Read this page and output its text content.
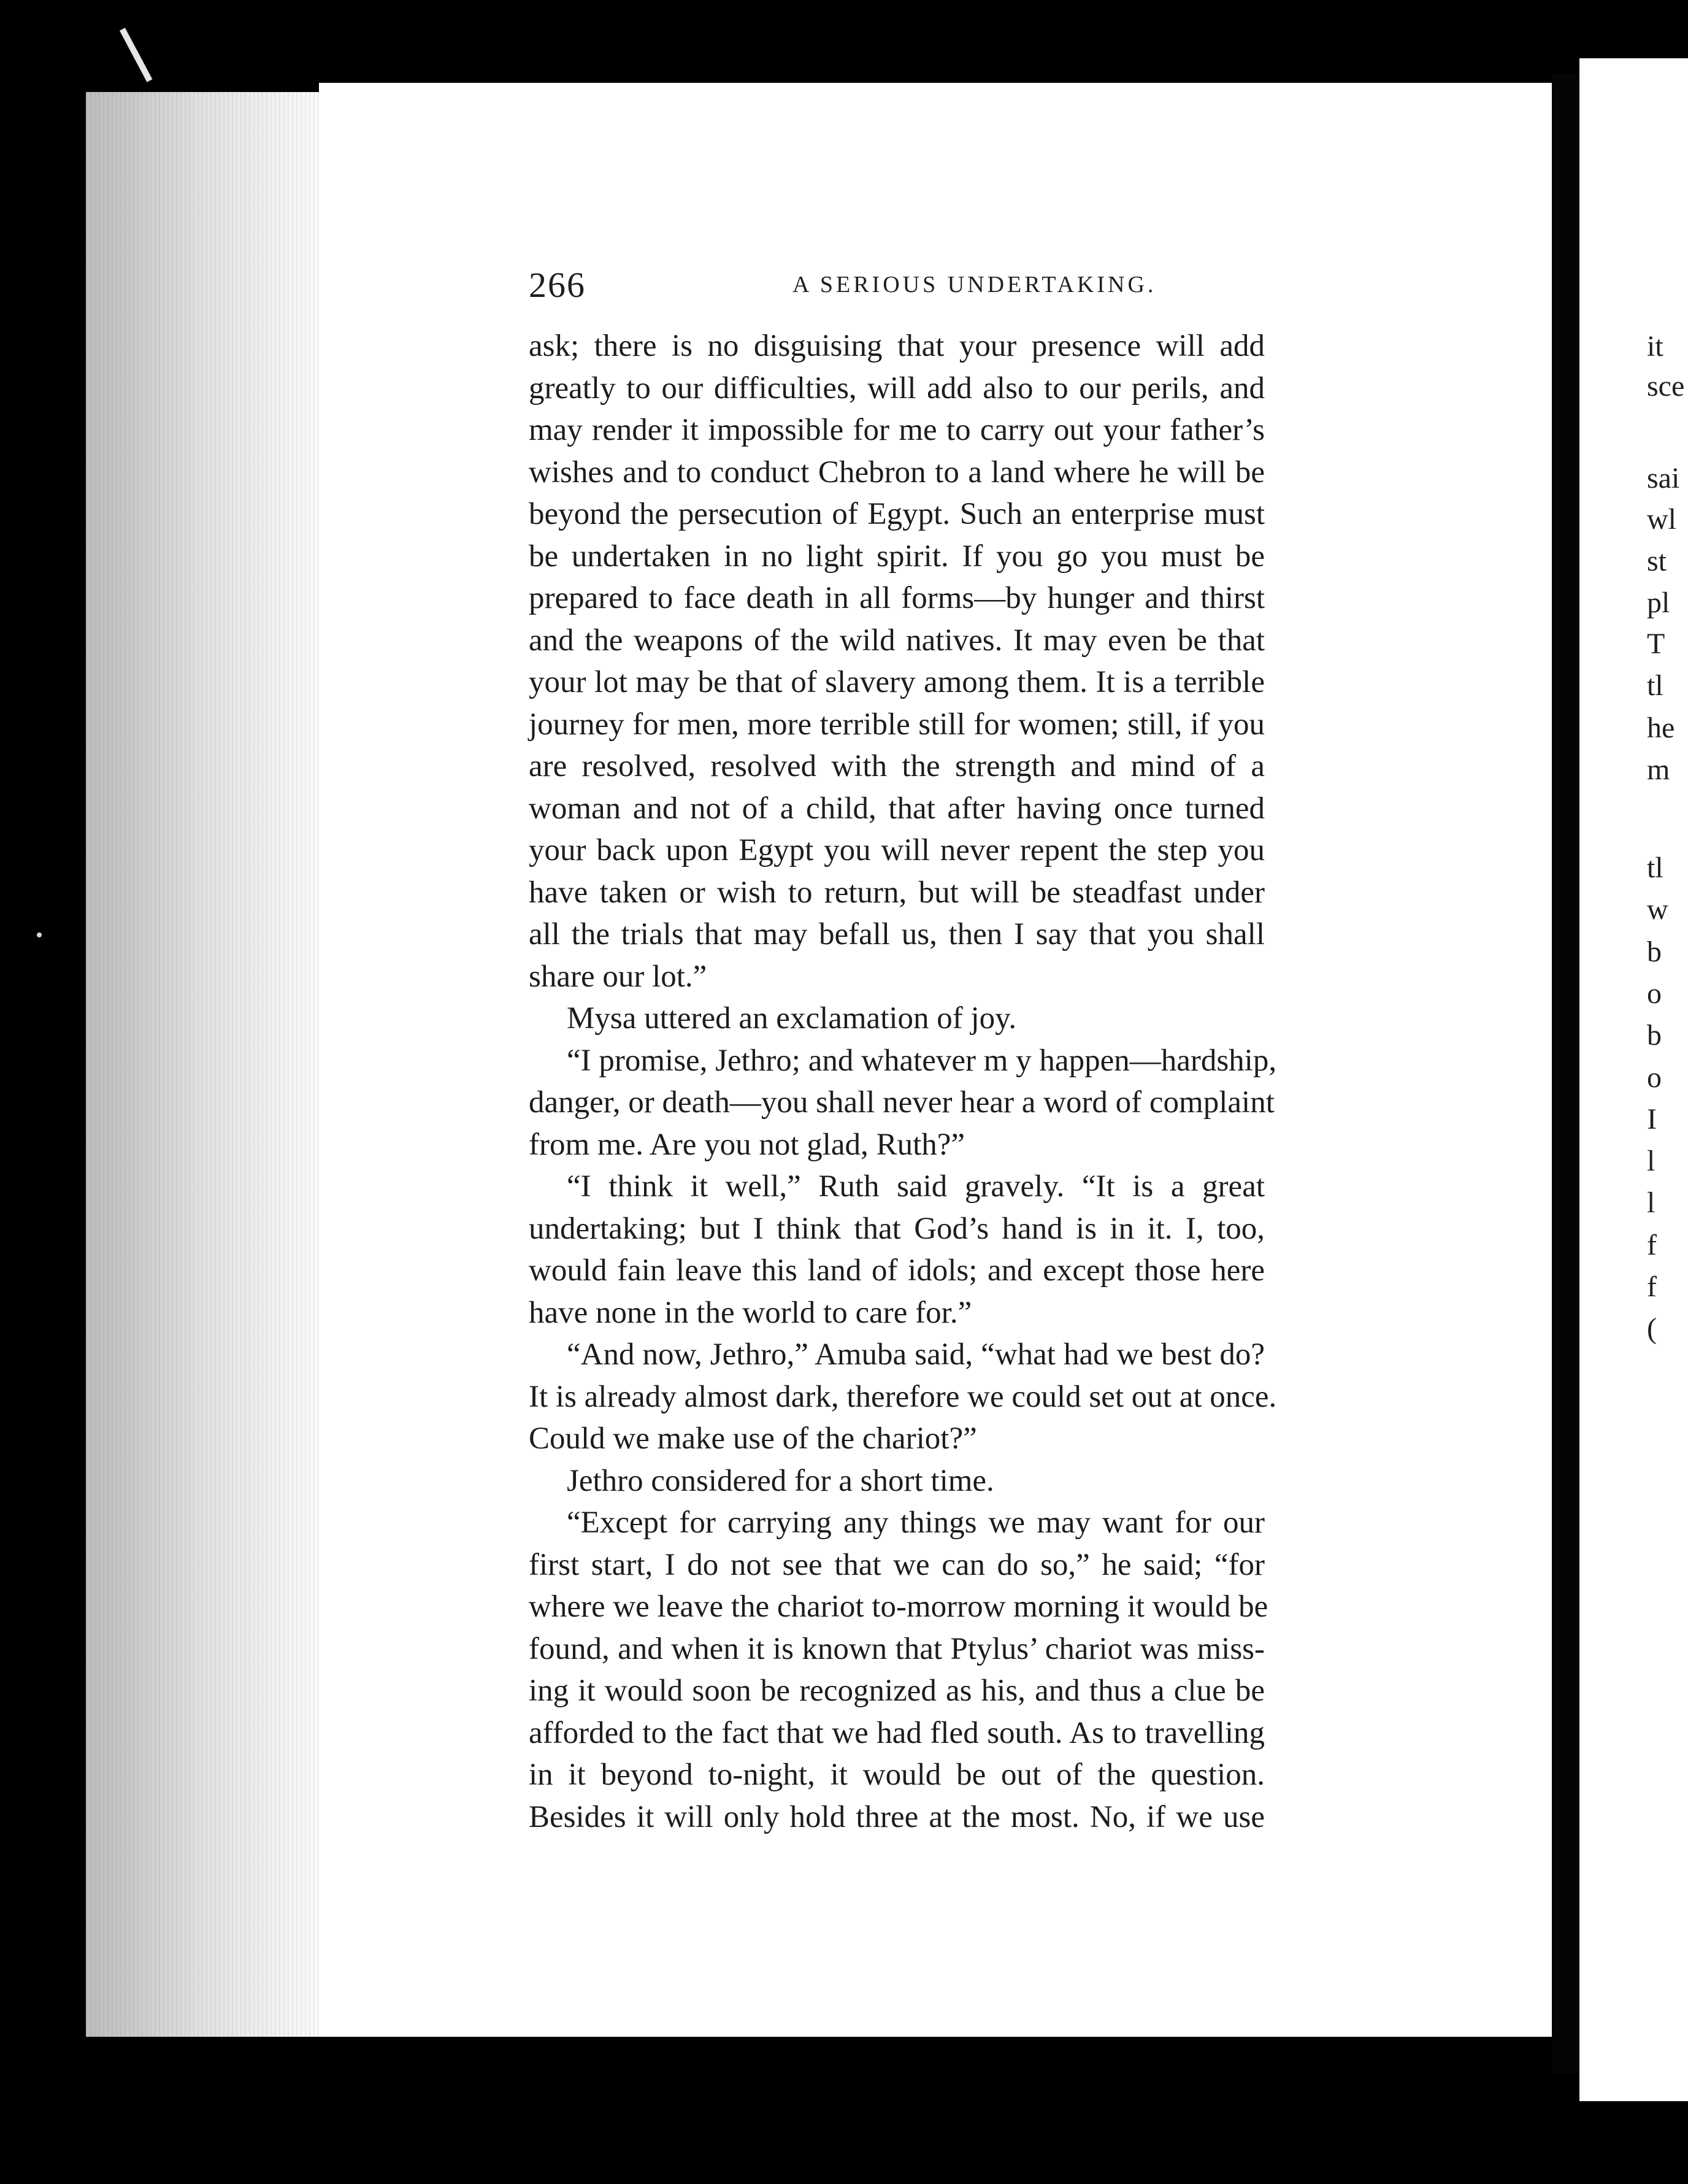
266	A SERIOUS UNDERTAKING.
ask; there is no disguising that your presence will add
greatly to our difficulties, will add also to our perils, and
may render it impossible for me to carry out your father’s
wishes and to conduct Chebron to a land where he will be
beyond the persecution of Egypt. Such an enterprise must
be undertaken in no light spirit. If you go you must be
prepared to face death in all forms—by hunger and thirst
and the weapons of the wild natives. It may even be that
your lot may be that of slavery among them. It is a terrible
journey for men, more terrible still for women; still, if you
are resolved, resolved with the strength and mind of a
woman and not of a child, that after having once turned
your back upon Egypt you will never repent the step you
have taken or wish to return, but will be steadfast under
all the trials that may befall us, then I say that you shall
share our lot.”
Mysa uttered an exclamation of joy.
“I promise, Jethro; and whatever m y happen—hardship,
danger, or death—you shall never hear a word of complaint
from me. Are you not glad, Ruth?”
“I think it well,” Ruth said gravely. “It is a great
undertaking; but I think that God’s hand is in it. I, too,
would fain leave this land of idols; and except those here
have none in the world to care for.”
“And now, Jethro,” Amuba said, “what had we best do?
It is already almost dark, therefore we could set out at once.
Could we make use of the chariot?”
Jethro considered for a short time.
“Except for carrying any things we may want for our
first start, I do not see that we can do so,” he said; “for
where we leave the chariot to-morrow morning it would be
found, and when it is known that Ptylus’ chariot was miss-
ing it would soon be recognized as his, and thus a clue be
afforded to the fact that we had fled south. As to travelling
in it beyond to-night, it would be out of the question.
Besides it will only hold three at the most. No, if we use
it
sce
sai
wl
st
pl
T
tl
he
m
tl
w
b
o
b
o
I
l
l
f
f
(
